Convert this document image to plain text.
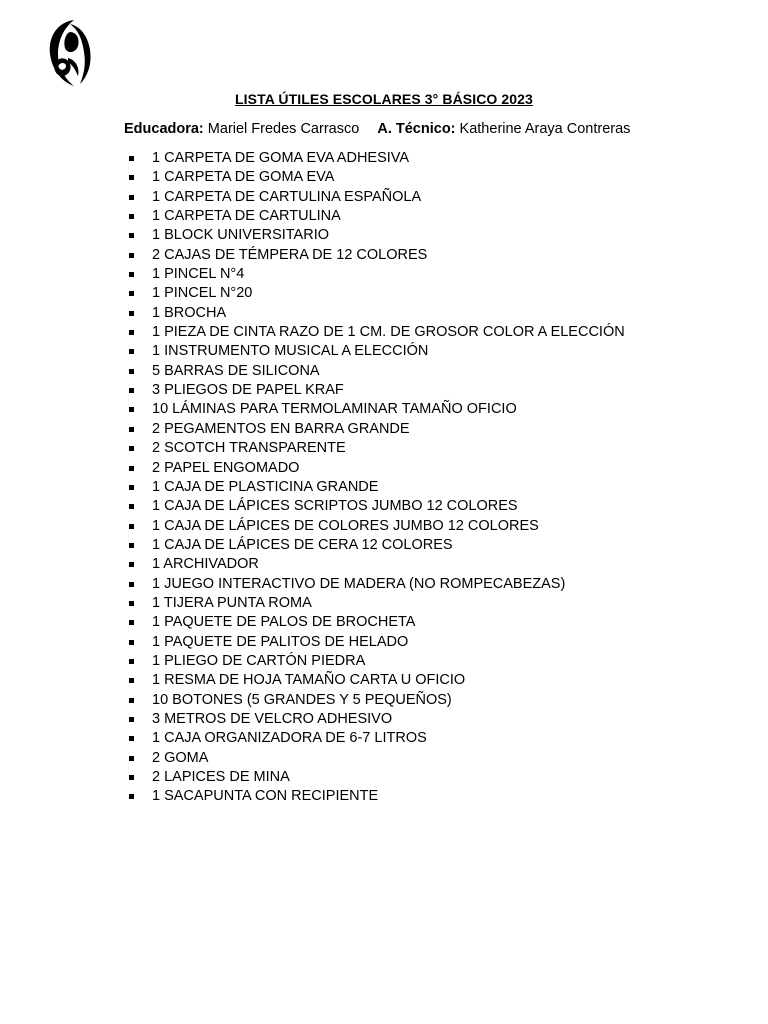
LISTA ÚTILES ESCOLARES 3° BÁSICO 2023
Educadora: Mariel Fredes Carrasco A. Técnico: Katherine Araya Contreras
1 CARPETA DE GOMA EVA ADHESIVA
1 CARPETA DE GOMA EVA
1 CARPETA DE CARTULINA ESPAÑOLA
1 CARPETA DE CARTULINA
1 BLOCK UNIVERSITARIO
2 CAJAS DE TÉMPERA DE 12 COLORES
1 PINCEL N°4
1 PINCEL N°20
1 BROCHA
1 PIEZA DE CINTA RAZO DE 1 CM. DE GROSOR COLOR A ELECCIÓN
1 INSTRUMENTO MUSICAL A ELECCIÓN
5 BARRAS DE SILICONA
3 PLIEGOS DE PAPEL KRAF
10 LÁMINAS PARA TERMOLAMINAR TAMAÑO OFICIO
2 PEGAMENTOS EN BARRA GRANDE
2 SCOTCH TRANSPARENTE
2 PAPEL ENGOMADO
1 CAJA DE PLASTICINA GRANDE
1 CAJA DE LÁPICES SCRIPTOS JUMBO 12 COLORES
1 CAJA DE LÁPICES DE COLORES JUMBO 12 COLORES
1 CAJA DE LÁPICES DE CERA 12 COLORES
1 ARCHIVADOR
1 JUEGO INTERACTIVO DE MADERA (NO ROMPECABEZAS)
1 TIJERA PUNTA ROMA
1 PAQUETE DE PALOS DE BROCHETA
1 PAQUETE DE PALITOS DE HELADO
1 PLIEGO DE CARTÓN PIEDRA
1 RESMA DE HOJA TAMAÑO CARTA U OFICIO
10 BOTONES (5 GRANDES Y 5 PEQUEÑOS)
3 METROS DE VELCRO ADHESIVO
1 CAJA ORGANIZADORA DE 6-7 LITROS
2 GOMA
2 LAPICES DE MINA
1 SACAPUNTA CON RECIPIENTE
